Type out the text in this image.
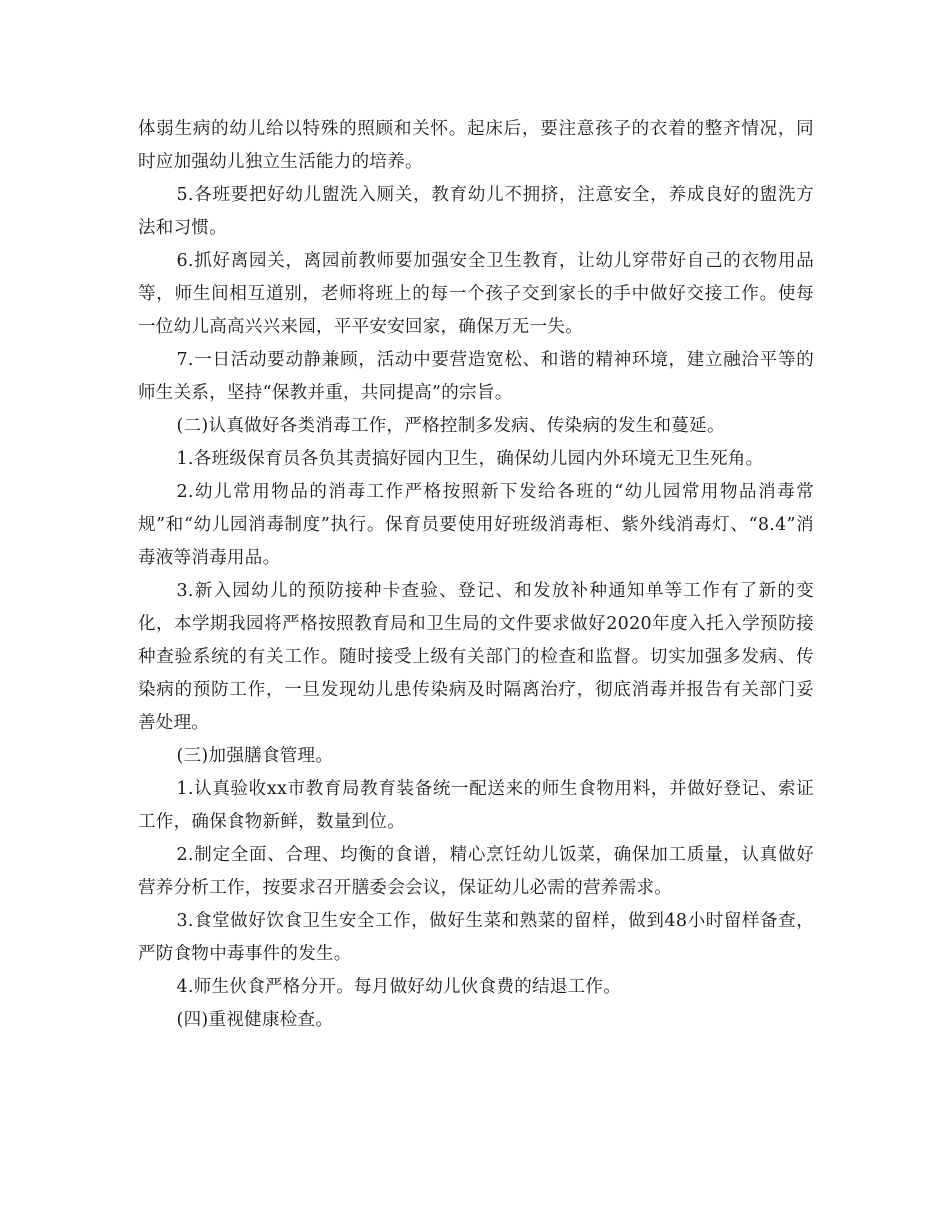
体弱生病的幼儿给以特殊的照顾和关怀。起床后，要注意孩子的衣着的整齐情况，同时应加强幼儿独立生活能力的培养。

5.各班要把好幼儿盥洗入厕关，教育幼儿不拥挤，注意安全，养成良好的盥洗方法和习惯。

6.抓好离园关，离园前教师要加强安全卫生教育，让幼儿穿带好自己的衣物用品等，师生间相互道别，老师将班上的每一个孩子交到家长的手中做好交接工作。使每一位幼儿高高兴兴来园，平平安安回家，确保万无一失。

7.一日活动要动静兼顾，活动中要营造宽松、和谐的精神环境，建立融洽平等的师生关系，坚持“保教并重，共同提高”的宗旨。

(二)认真做好各类消毒工作，严格控制多发病、传染病的发生和蔓延。

1.各班级保育员各负其责搞好园内卫生，确保幼儿园内外环境无卫生死角。

2.幼儿常用物品的消毒工作严格按照新下发给各班的“幼儿园常用物品消毒常规”和“幼儿园消毒制度”执行。保育员要使用好班级消毒柜、紫外线消毒灯、“8.4”消毒液等消毒用品。

3.新入园幼儿的预防接种卡查验、登记、和发放补种通知单等工作有了新的变化，本学期我园将严格按照教育局和卫生局的文件要求做好2020年度入托入学预防接种查验系统的有关工作。随时接受上级有关部门的检查和监督。切实加强多发病、传染病的预防工作，一旦发现幼儿患传染病及时隔离治疗，彻底消毒并报告有关部门妥善处理。

(三)加强膳食管理。

1.认真验收xx市教育局教育装备统一配送来的师生食物用料，并做好登记、索证工作，确保食物新鲜，数量到位。

2.制定全面、合理、均衡的食谱，精心烹饪幼儿饭菜，确保加工质量，认真做好营养分析工作，按要求召开膳委会会议，保证幼儿必需的营养需求。

3.食堂做好饮食卫生安全工作，做好生菜和熟菜的留样，做到48小时留样备查，严防食物中毒事件的发生。

4.师生伙食严格分开。每月做好幼儿伙食费的结退工作。

(四)重视健康检查。
